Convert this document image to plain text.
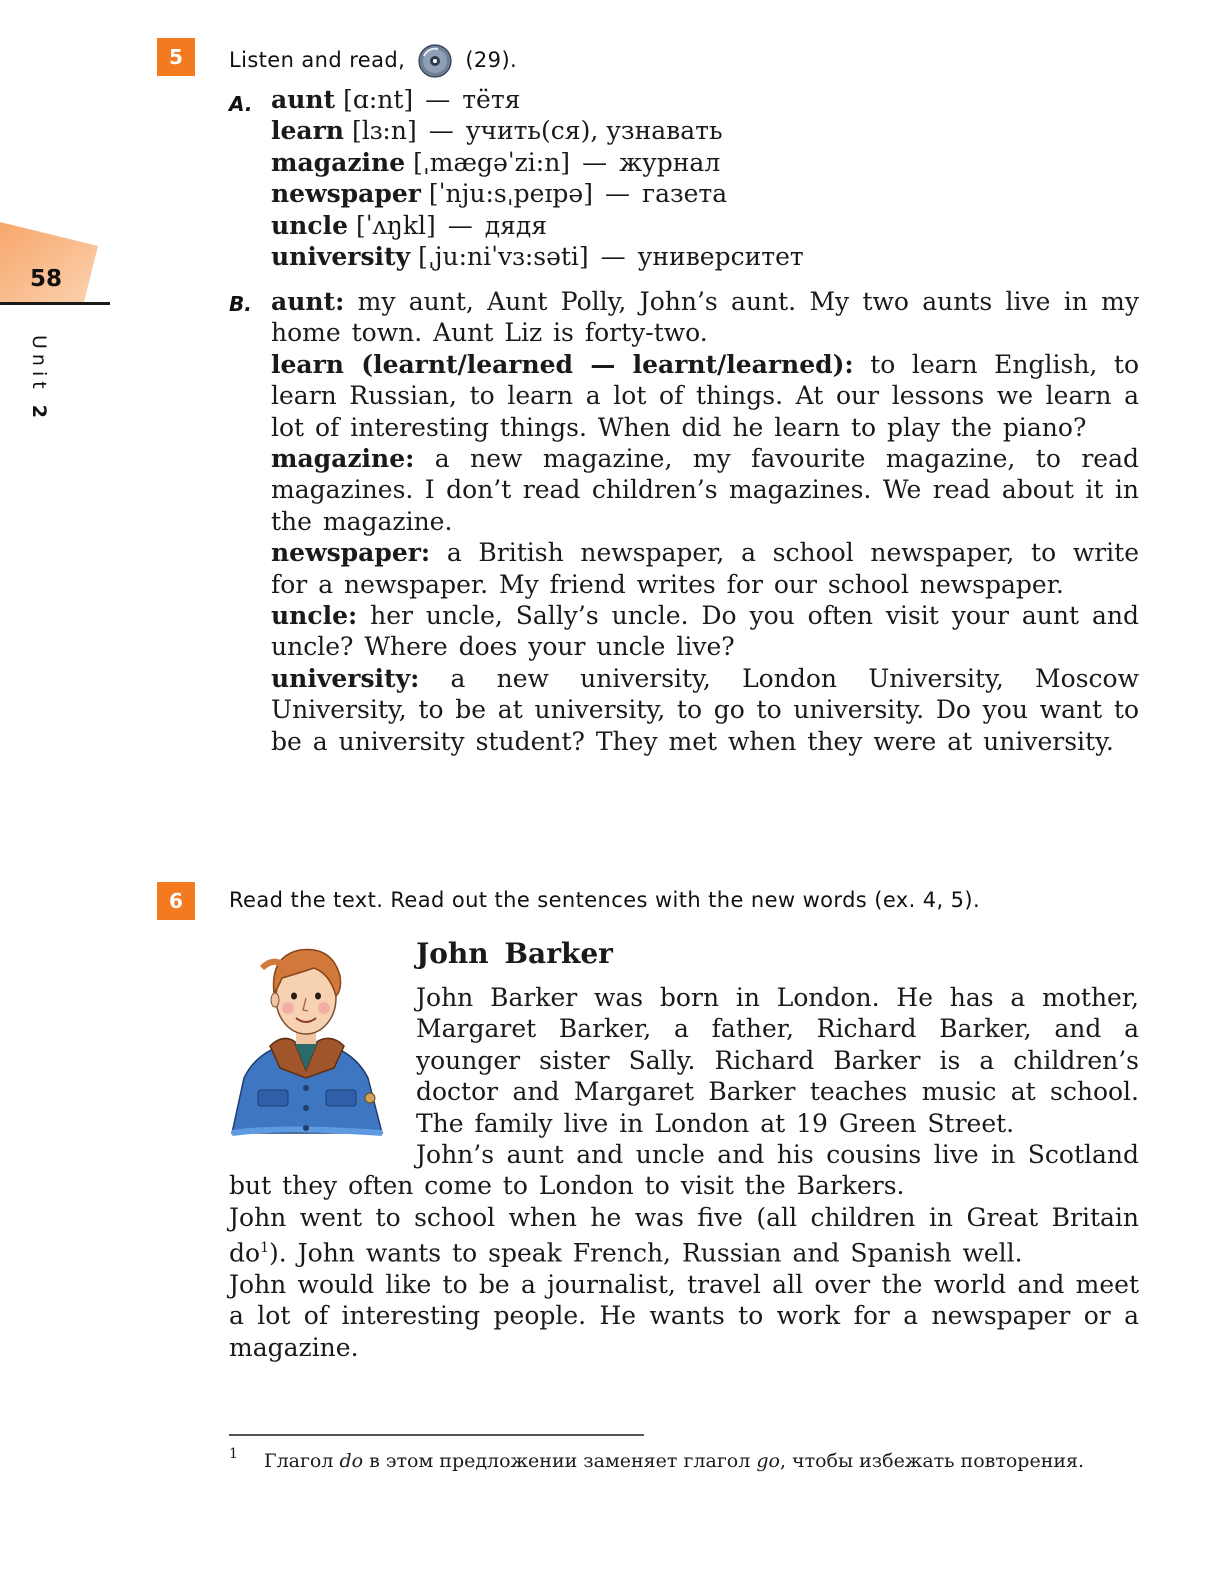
58
Unit 2
5	Listen and read,	(29).
A. aunt [ɑ:nt] — тётя
learn [lɜ:n] — учить(ся), узнавать
magazine [ˌmægəˈzi:n] — журнал
newspaper [ˈnju:sˌpeɪpə] — газета
uncle [ˈʌŋkl] — дядя
university [ˌju:niˈvɜ:səti] — университет
B. aunt: my aunt, Aunt Polly, John’s aunt. My two aunts live in my home town. Aunt Liz is forty-two.

learn (learnt/learned — learnt/learned): to learn English, to learn Russian, to learn a lot of things. At our lessons we learn a lot of interesting things. When did he learn to play the piano?

magazine: a new magazine, my favourite magazine, to read magazines. I don’t read children’s magazines. We read about it in the magazine.

newspaper: a British newspaper, a school newspaper, to write for a newspaper. My friend writes for our school newspaper.

uncle: her uncle, Sally’s uncle. Do you often visit your aunt and uncle? Where does your uncle live?

university: a new university, London University, Moscow University, to be at university, to go to university. Do you want to be a university student? They met when they were at university.

6	Read the text. Read out the sentences with the new words (ex. 4, 5).
John Barker

John Barker was born in London. He has a mother, Margaret Barker, a father, Richard Barker, and a younger sister Sally. Richard Barker is a children’s doctor and Margaret Barker teaches music at school. The family live in London at 19 Green Street.

John’s aunt and uncle and his cousins live in Scotland but they often come to London to visit the Barkers.

John went to school when he was five (all children in Great Britain $do^1$). John wants to speak French, Russian and Spanish well.

John would like to be a journalist, travel all over the world and meet a lot of interesting people. He wants to work for a newspaper or a magazine.

1 Глагол do в этом предложении заменяет глагол go, чтобы избежать повторения.
